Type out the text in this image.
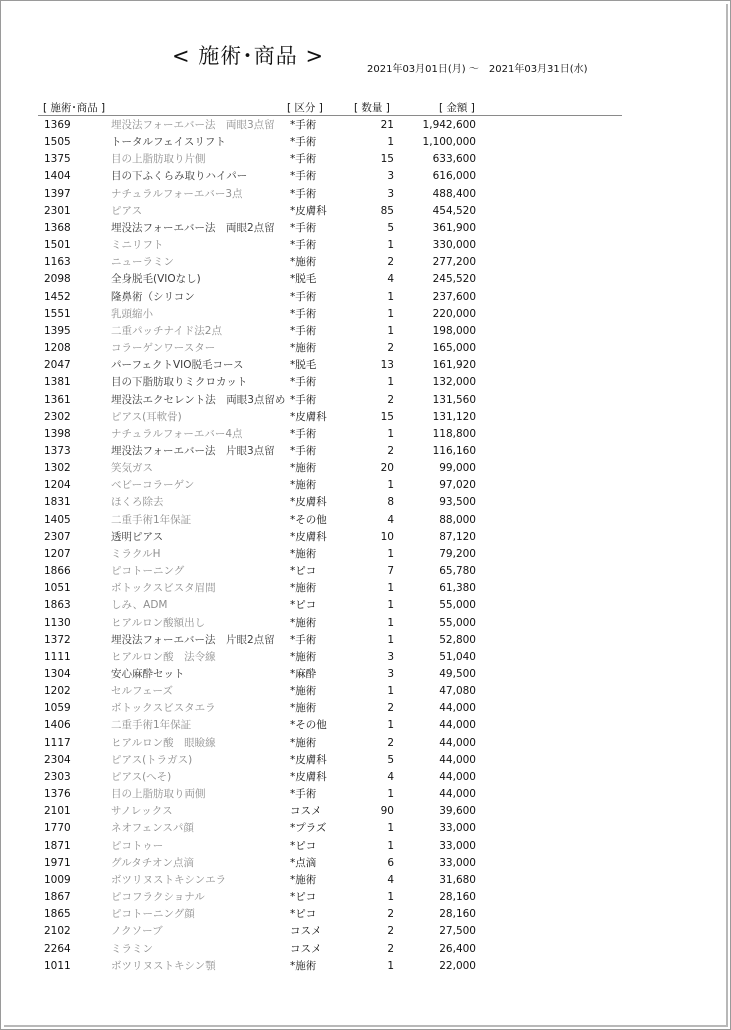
< 施術･商品 >
2021年03月01日(月) ～　2021年03月31日(水)
[ 施術･商品 ]	[ 区分 ]	[ 数量 ]	[ 金額 ]
1369	埋没法フォーエバー法　両眼3点留 *手術	21	1,942,600
1505	トータルフェイスリフト	*手術	1	1,100,000
1375	目の上脂肪取り片側	*手術	15	633,600
1404	目の下ふくらみ取りハイパー	*手術	3	616,000
1397	ナチュラルフォーエバー3点	*手術	3	488,400
2301	ピアス	*皮膚科	85	454,520
1368	埋没法フォーエバー法　両眼2点留 *手術	5	361,900
1501	ミニリフト	*手術	1	330,000
1163	ニューラミン	*施術	2	277,200
2098	全身脱毛(VIOなし)	*脱毛	4	245,520
1452	隆鼻術（シリコン	*手術	1	237,600
1551	乳頭縮小	*手術	1	220,000
1395	二重パッチナイド法2点	*手術	1	198,000
1208	コラーゲンワースター	*施術	2	165,000
2047	パーフェクトVIO脱毛コース	*脱毛	13	161,920
1381	目の下脂肪取りミクロカット	*手術	1	132,000
1361	埋没法エクセレント法　両眼3点留め *手術	2	131,560
2302	ピアス(耳軟骨)	*皮膚科	15	131,120
1398	ナチュラルフォーエバー4点	*手術	1	118,800
1373	埋没法フォーエバー法　片眼3点留 *手術	2	116,160
1302	笑気ガス	*施術	20	99,000
1204	ベビーコラーゲン	*施術	1	97,020
1831	ほくろ除去	*皮膚科	8	93,500
1405	二重手術1年保証	*その他	4	88,000
2307	透明ピアス	*皮膚科	10	87,120
1207	ミラクルH	*施術	1	79,200
1866	ピコトーニング	*ピコ	7	65,780
1051	ボトックスビスタ眉間	*施術	1	61,380
1863	しみ、ADM	*ピコ	1	55,000
1130	ヒアルロン酸額出し	*施術	1	55,000
1372	埋没法フォーエバー法　片眼2点留 *手術	1	52,800
1111	ヒアルロン酸　法令線	*施術	3	51,040
1304	安心麻酔セット	*麻酔	3	49,500
1202	セルフェーズ	*施術	1	47,080
1059	ボトックスビスタエラ	*施術	2	44,000
1406	二重手術1年保証	*その他	1	44,000
1117	ヒアルロン酸　眼瞼線	*施術	2	44,000
2304	ピアス(トラガス)	*皮膚科	5	44,000
2303	ピアス(へそ)	*皮膚科	4	44,000
1376	目の上脂肪取り両側	*手術	1	44,000
2101	サノレックス	コスメ	90	39,600
1770	ネオフェンスパ顔	*プラズ	1	33,000
1871	ピコトゥー	*ピコ	1	33,000
1971	グルタチオン点滴	*点滴	6	33,000
1009	ボツリヌストキシンエラ	*施術	4	31,680
1867	ピコフラクショナル	*ピコ	1	28,160
1865	ピコトーニング顔	*ピコ	2	28,160
2102	ノクソーブ	コスメ	2	27,500
2264	ミラミン	コスメ	2	26,400
1011	ボツリヌストキシン顎	*施術	1	22,000
